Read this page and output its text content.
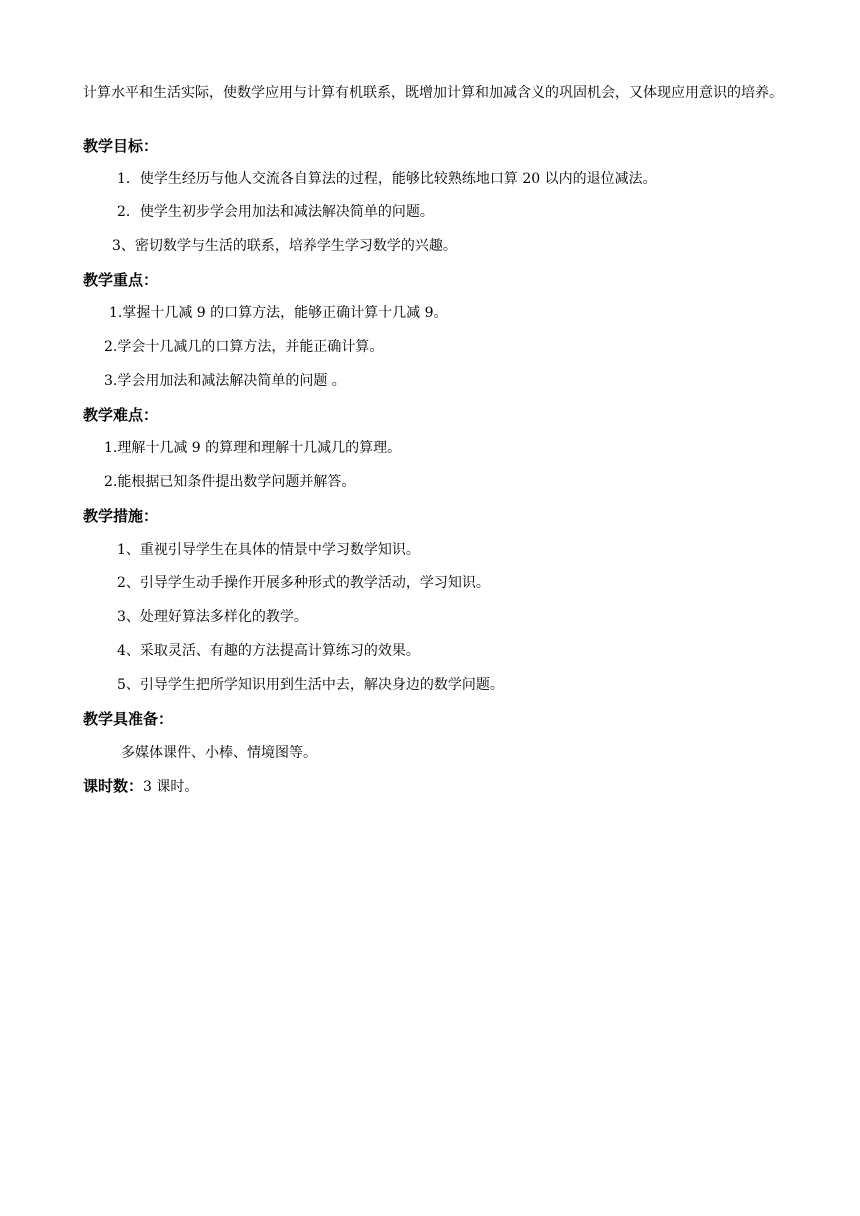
计算水平和生活实际，使数学应用与计算有机联系，既增加计算和加减含义的巩固机会，又体现应用意识的培养。
教学目标：
1．使学生经历与他人交流各自算法的过程，能够比较熟练地口算 20 以内的退位减法。
2．使学生初步学会用加法和减法解决简单的问题。
3、密切数学与生活的联系，培养学生学习数学的兴趣。
教学重点：
1.掌握十几减 9 的口算方法，能够正确计算十几减 9。
2.学会十几减几的口算方法，并能正确计算。
3.学会用加法和减法解决简单的问题 。
教学难点：
1.理解十几减 9 的算理和理解十几减几的算理。
2.能根据已知条件提出数学问题并解答。
教学措施：
1、重视引导学生在具体的情景中学习数学知识。
2、引导学生动手操作开展多种形式的教学活动，学习知识。
3、处理好算法多样化的教学。
4、采取灵活、有趣的方法提高计算练习的效果。
5、引导学生把所学知识用到生活中去，解决身边的数学问题。
教学具准备：
多媒体课件、小棒、情境图等。
课时数：3 课时。
